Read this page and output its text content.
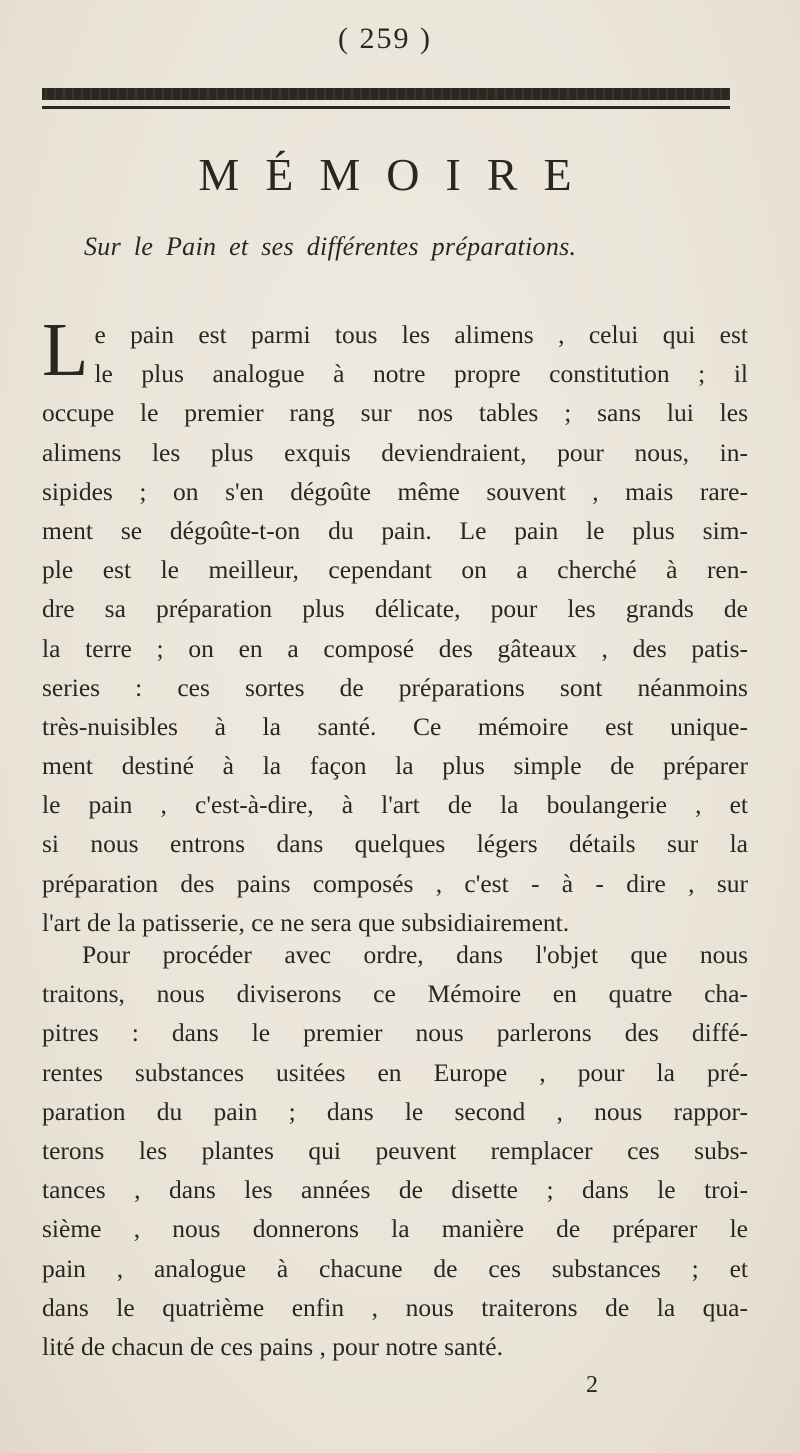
( 259 )
MÉMOIRE
Sur le Pain et ses différentes préparations.
L e pain est parmi tous les alimens , celui qui est
le plus analogue à notre propre constitution ; il
occupe le premier rang sur nos tables ; sans lui les
alimens les plus exquis deviendraient, pour nous, in-
sipides ; on s'en dégoûte même souvent , mais rare-
ment se dégoûte-t-on du pain. Le pain le plus sim-
ple est le meilleur, cependant on a cherché à ren-
dre sa préparation plus délicate, pour les grands de
la terre ; on en a composé des gâteaux , des patis-
series : ces sortes de préparations sont néanmoins
très-nuisibles à la santé. Ce mémoire est unique-
ment destiné à la façon la plus simple de préparer
le pain , c'est-à-dire, à l'art de la boulangerie , et
si nous entrons dans quelques légers détails sur la
préparation des pains composés , c'est - à - dire , sur
l'art de la patisserie, ce ne sera que subsidiairement.
Pour procéder avec ordre, dans l'objet que nous
traitons, nous diviserons ce Mémoire en quatre cha-
pitres : dans le premier nous parlerons des diffé-
rentes substances usitées en Europe , pour la pré-
paration du pain ; dans le second , nous rappor-
terons les plantes qui peuvent remplacer ces subs-
tances , dans les années de disette ; dans le troi-
sième , nous donnerons la manière de préparer le
pain , analogue à chacune de ces substances ; et
dans le quatrième enfin , nous traiterons de la qua-
lité de chacun de ces pains , pour notre santé.
2
